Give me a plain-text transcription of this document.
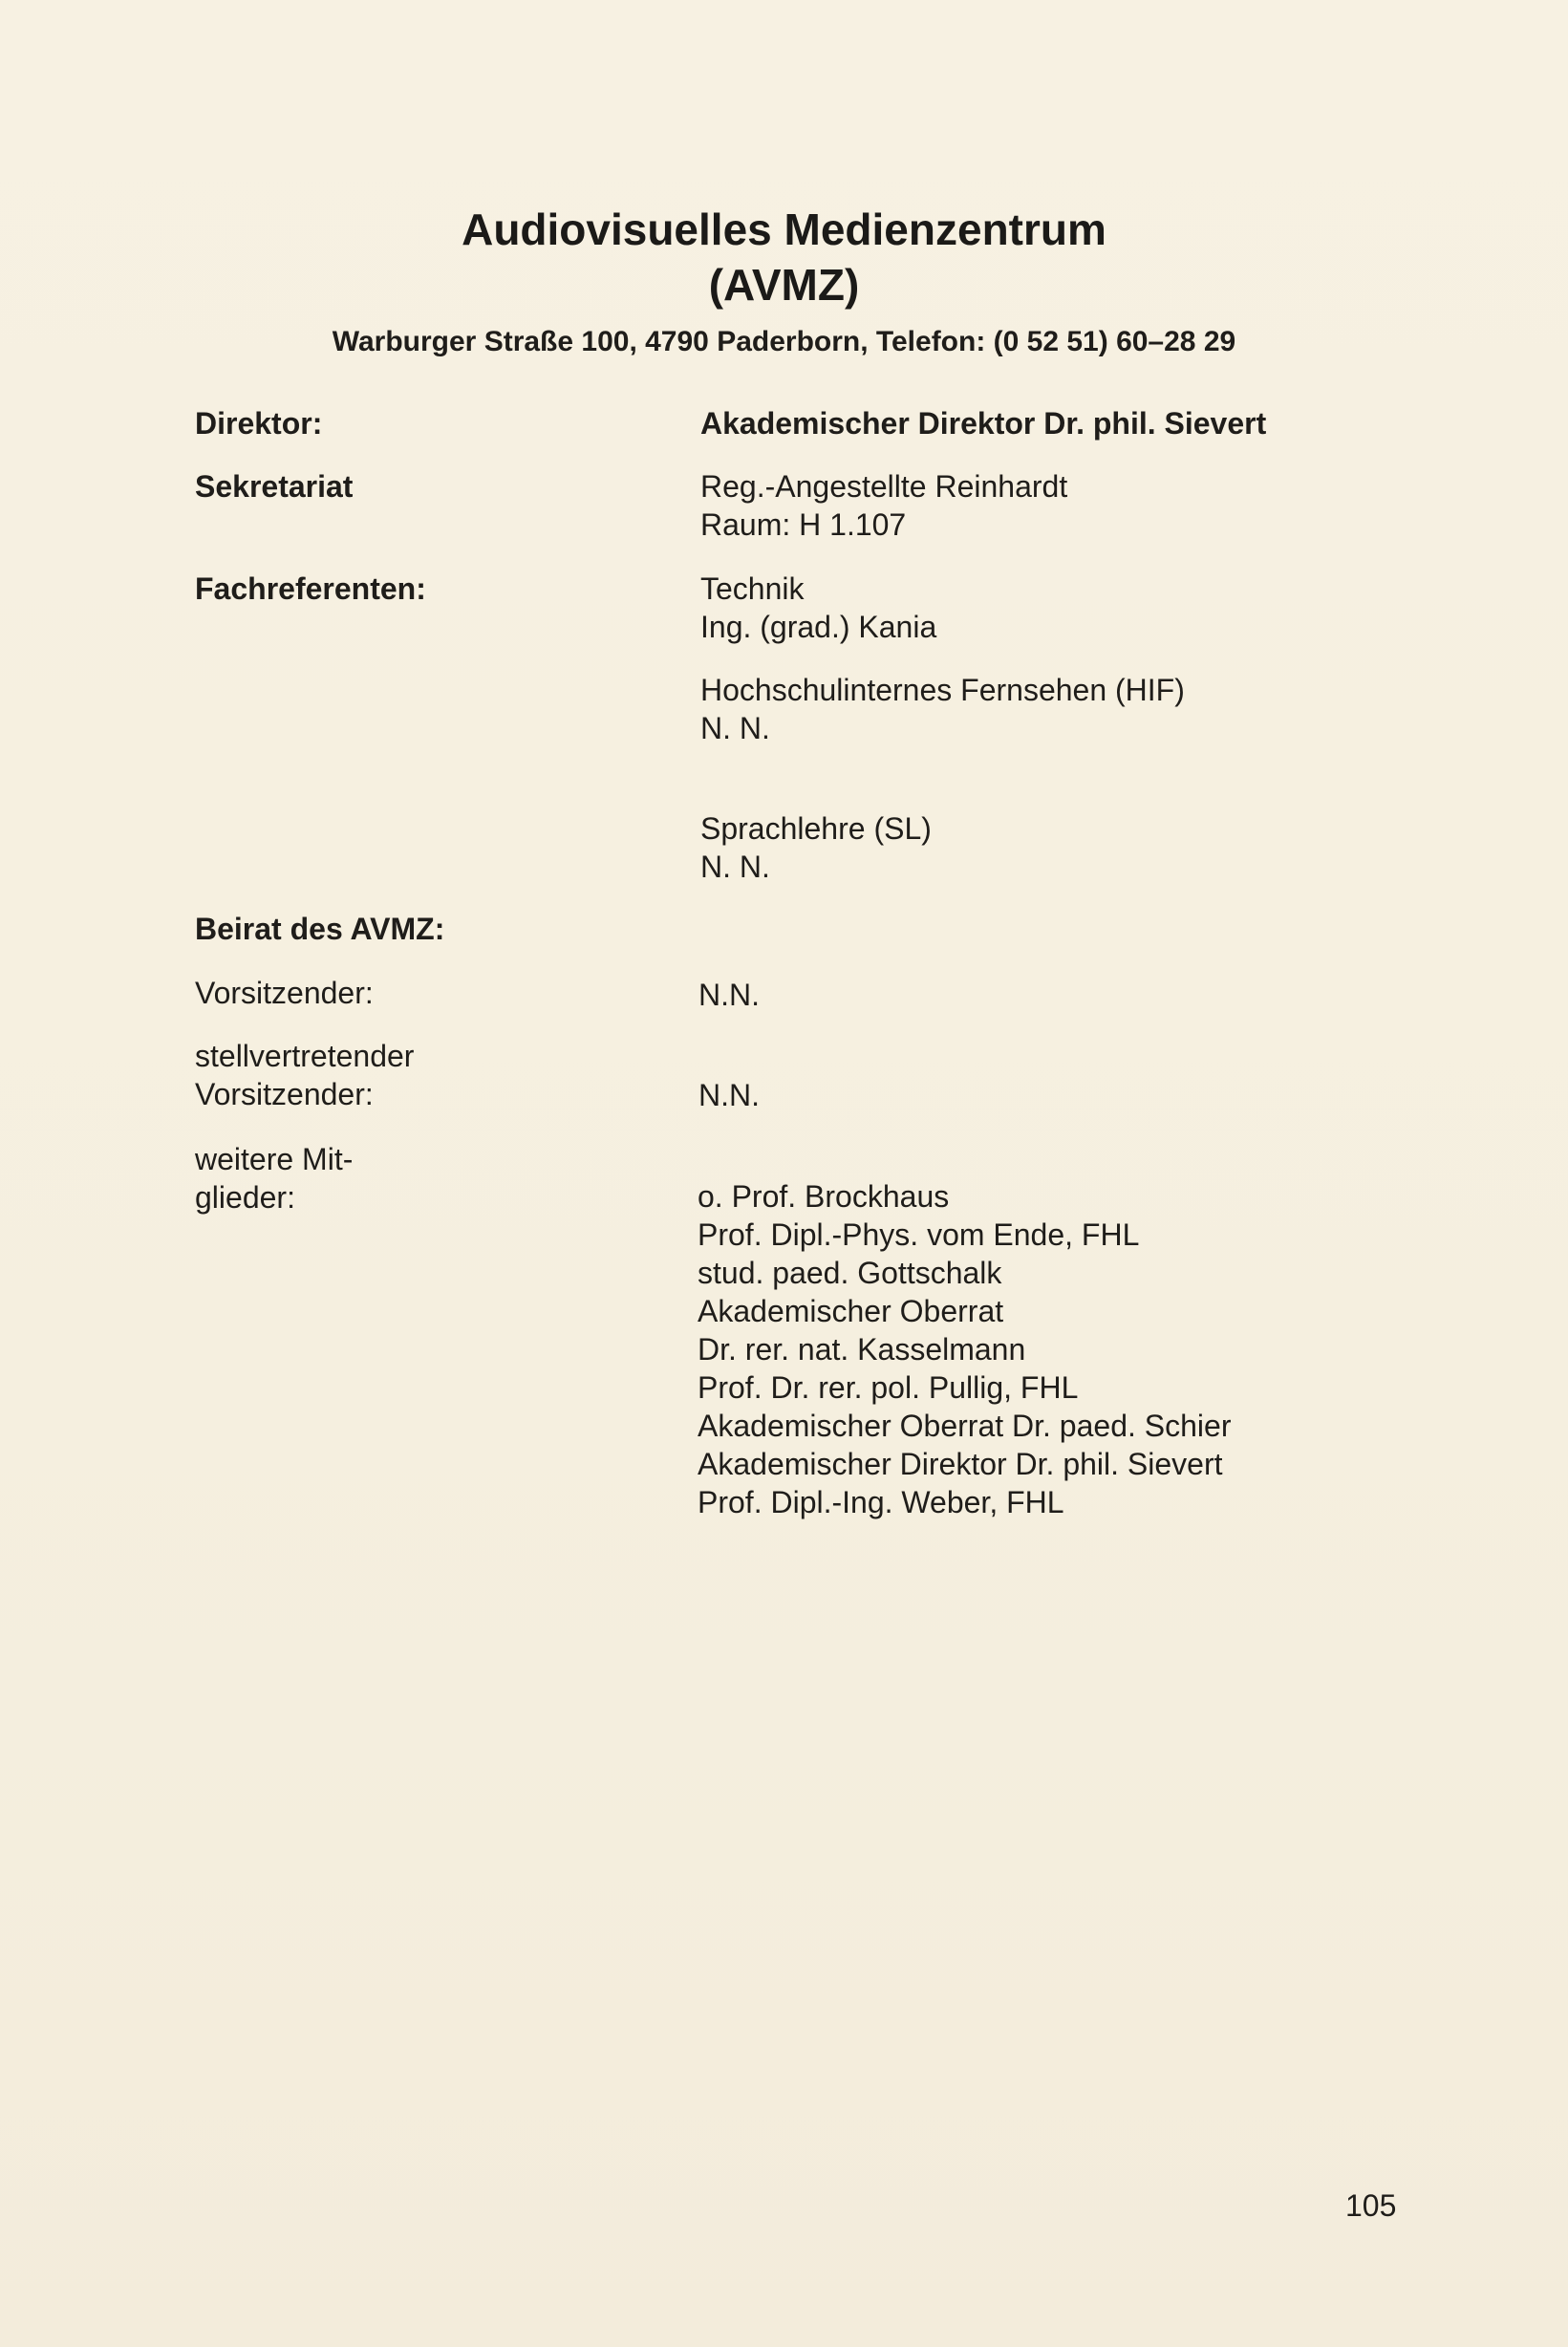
Audiovisuelles Medienzentrum
(AVMZ)
Warburger Straße 100, 4790 Paderborn, Telefon: (0 52 51) 60–28 29
Direktor:	Akademischer Direktor Dr. phil. Sievert
Sekretariat	Reg.-Angestellte Reinhardt
Raum: H 1.107
Fachreferenten:	Technik
Ing. (grad.) Kania
Hochschulinternes Fernsehen (HIF)
N. N.
Sprachlehre (SL)
N. N.
Beirat des AVMZ:
Vorsitzender:	N.N.
stellvertretender
Vorsitzender:	N.N.
weitere Mit-
glieder:	o. Prof. Brockhaus
Prof. Dipl.-Phys. vom Ende, FHL
stud. paed. Gottschalk
Akademischer Oberrat
Dr. rer. nat. Kasselmann
Prof. Dr. rer. pol. Pullig, FHL
Akademischer Oberrat Dr. paed. Schier
Akademischer Direktor Dr. phil. Sievert
Prof. Dipl.-Ing. Weber, FHL
105
